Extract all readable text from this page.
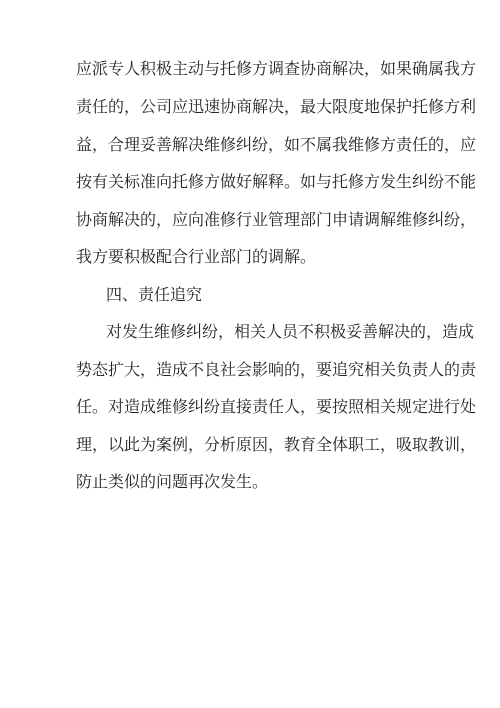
应派专人积极主动与托修方调查协商解决，如果确属我方
责任的，公司应迅速协商解决，最大限度地保护托修方利
益，合理妥善解决维修纠纷，如不属我维修方责任的，应
按有关标准向托修方做好解释。如与托修方发生纠纷不能
协商解决的，应向准修行业管理部门申请调解维修纠纷，
我方要积极配合行业部门的调解。
四、责任追究
对发生维修纠纷，相关人员不积极妥善解决的，造成
势态扩大，造成不良社会影响的，要追究相关负责人的责
任。对造成维修纠纷直接责任人，要按照相关规定进行处
理，以此为案例，分析原因，教育全体职工，吸取教训，
防止类似的问题再次发生。
